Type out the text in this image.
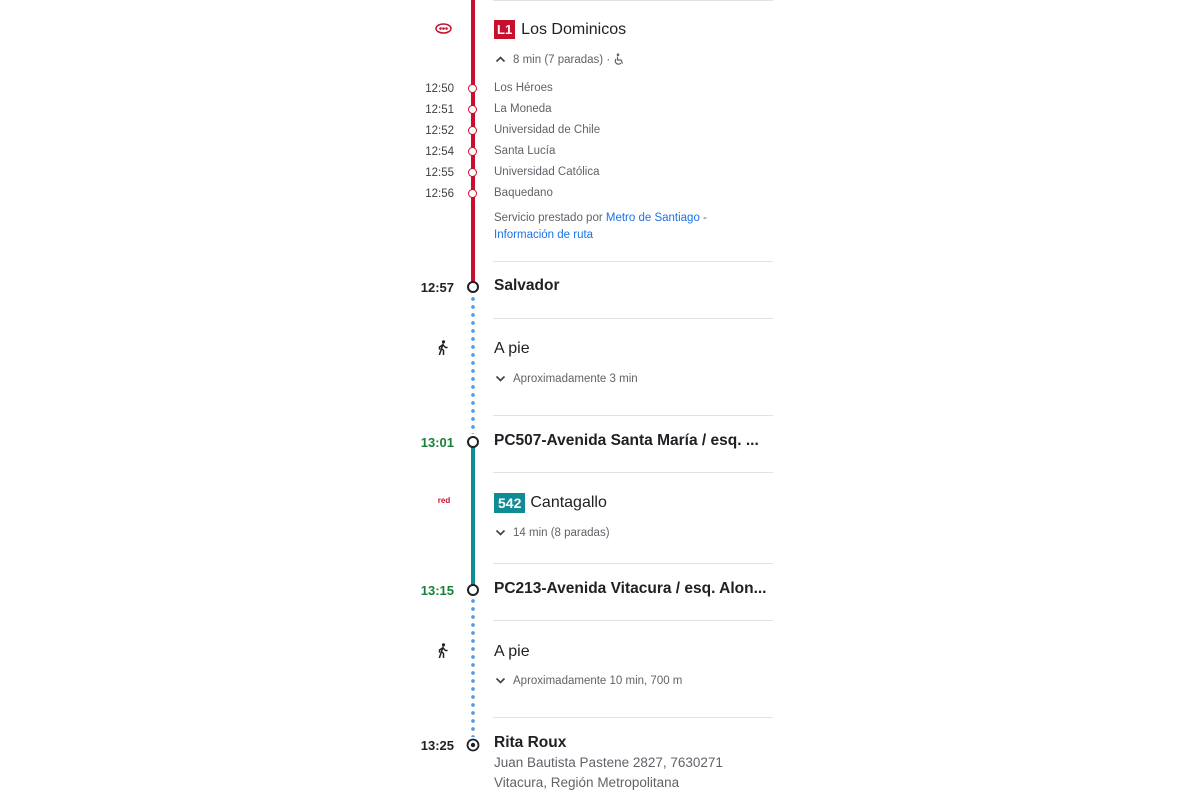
L1 Los Dominicos
8 min (7 paradas) ·
12:50	Los Héroes
12:51	La Moneda
12:52	Universidad de Chile
12:54	Santa Lucía
12:55	Universidad Católica
12:56	Baquedano
Servicio prestado por Metro de Santiago -
Información de ruta
12:57	Salvador
A pie
Aproximadamente 3 min
13:01	PC507-Avenida Santa María / esq. ...
red	542 Cantagallo
14 min (8 paradas)
13:15	PC213-Avenida Vitacura / esq. Alon...
A pie
Aproximadamente 10 min, 700 m
13:25	Rita Roux
Juan Bautista Pastene 2827, 7630271
Vitacura, Región Metropolitana
